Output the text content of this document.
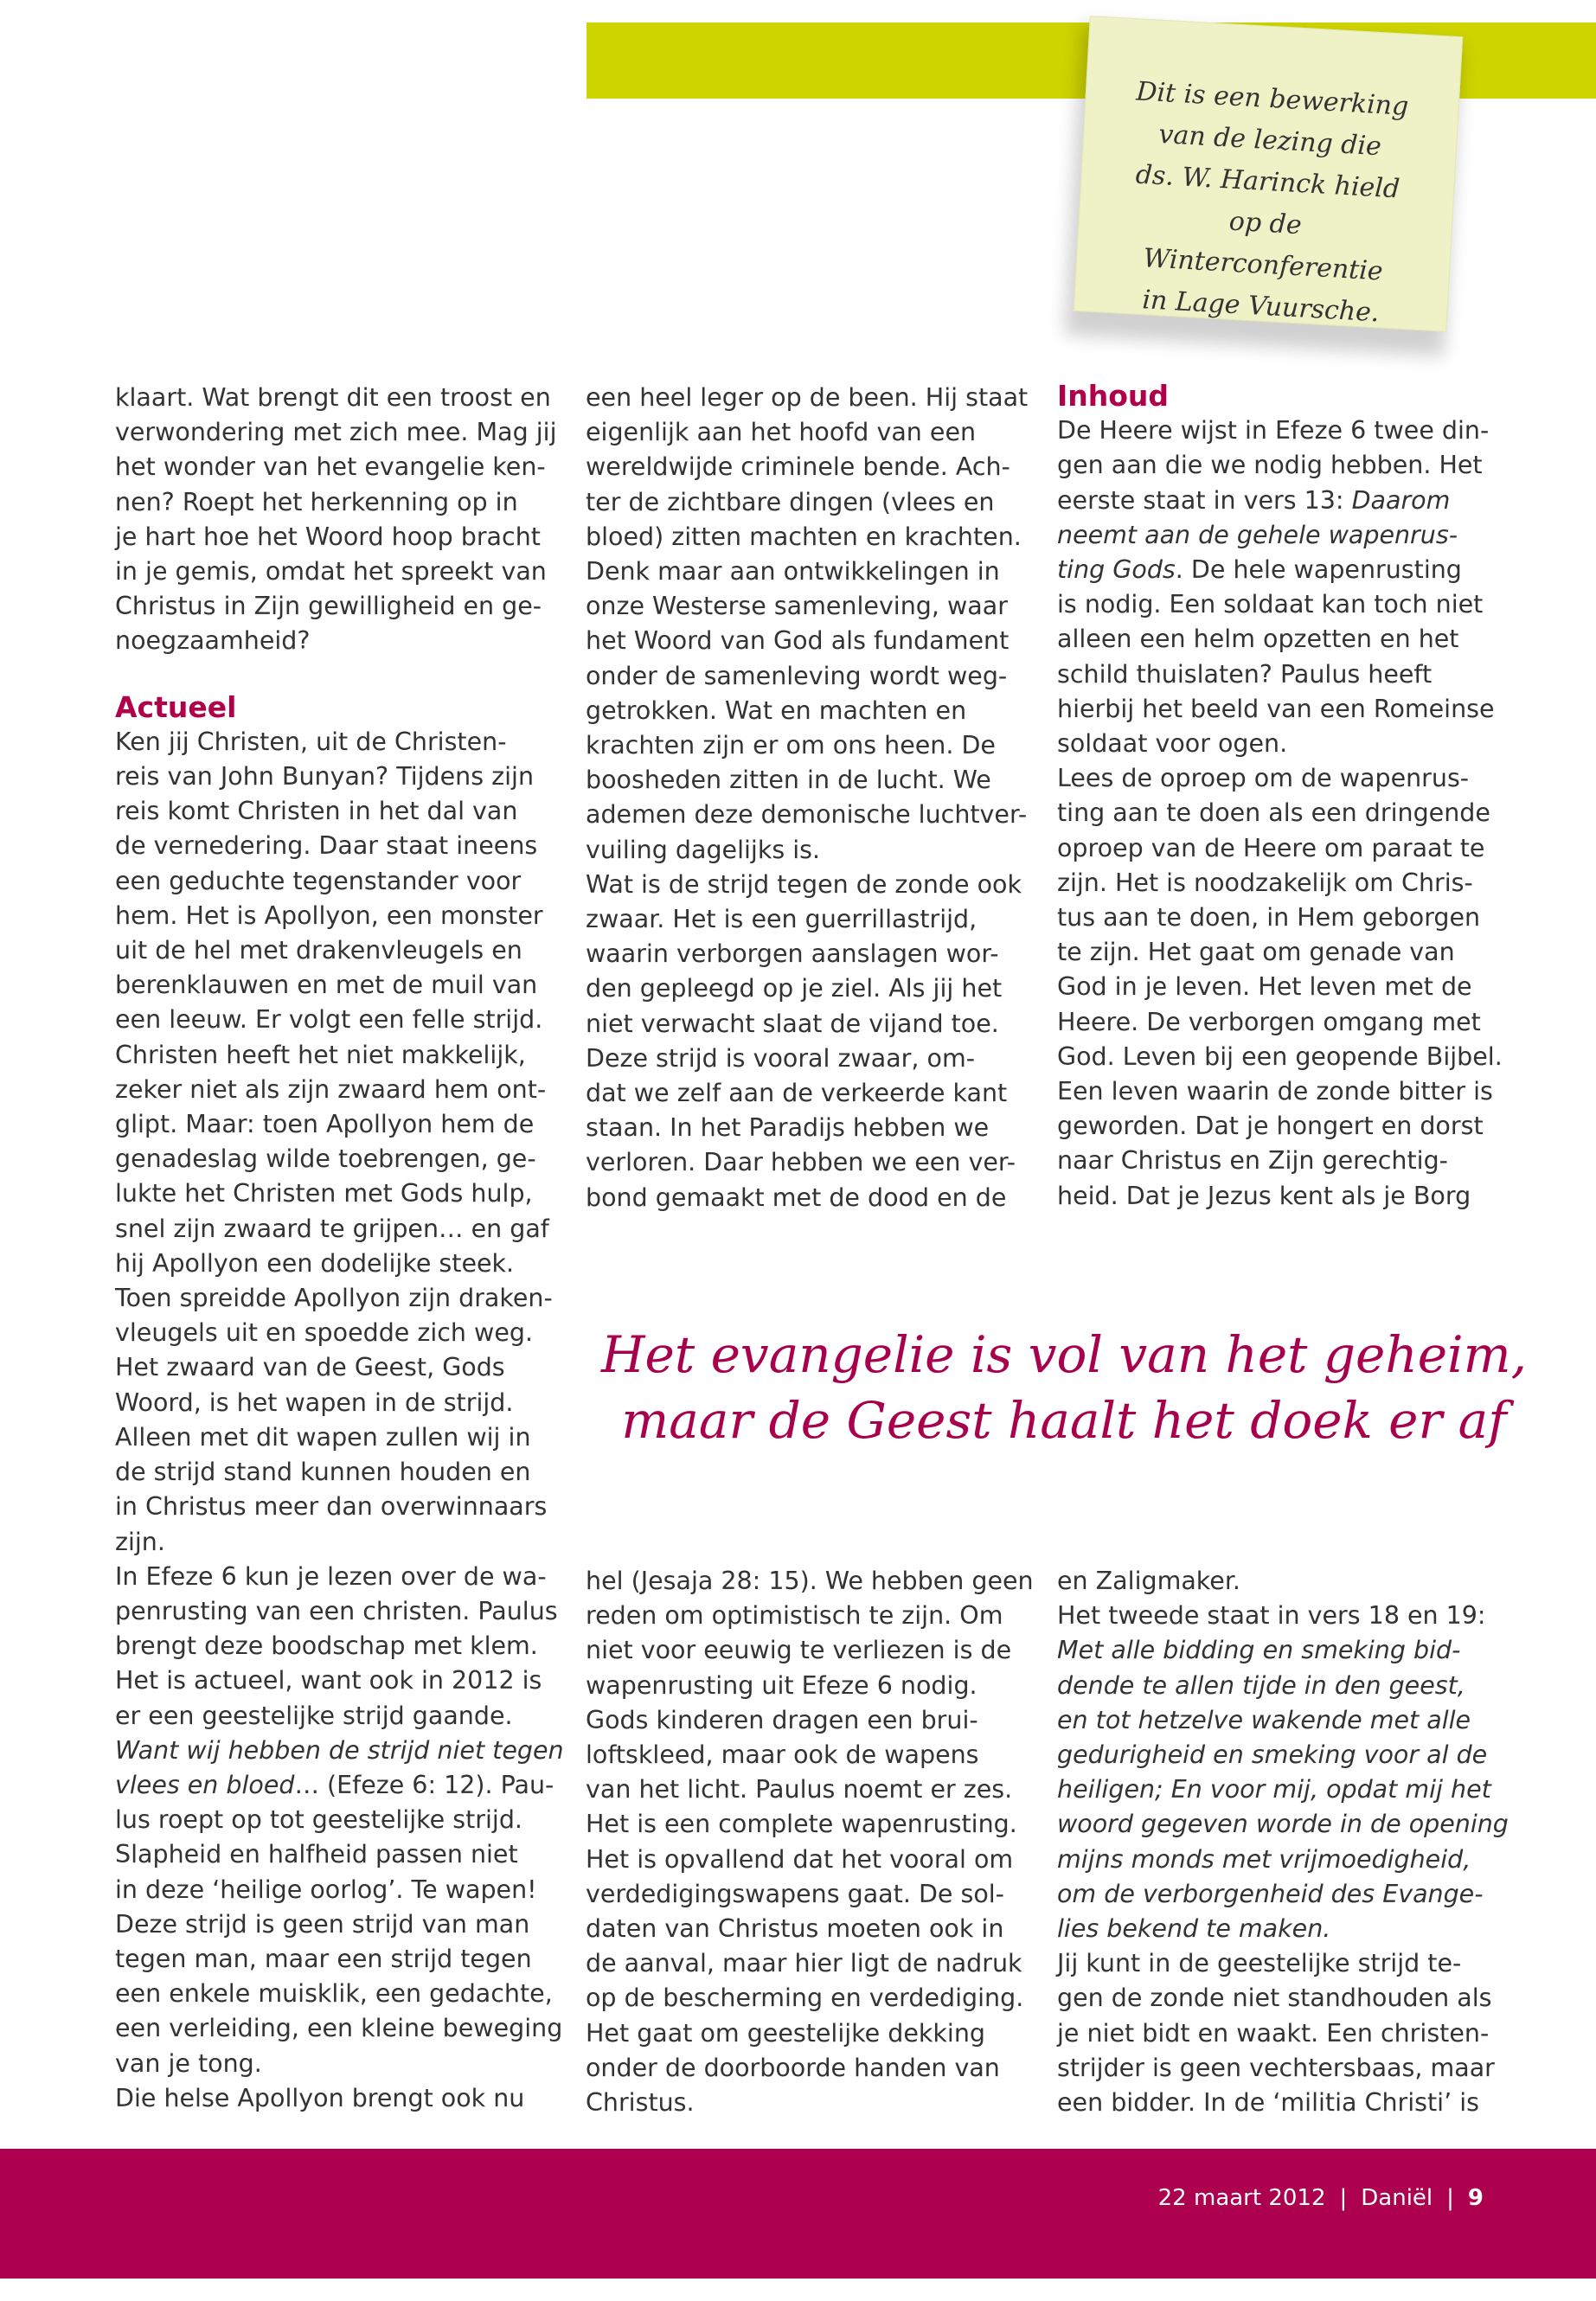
Dit is een bewerking
van de lezing die
ds. W. Harinck hield
op de Winterconferentie
in Lage Vuursche.

klaart. Wat brengt dit een troost en

verwondering met zich mee. Mag jij

het wonder van het evangelie ken-

nen? Roept het herkenning op in

je hart hoe het Woord hoop bracht

in je gemis, omdat het spreekt van

Christus in Zijn gewilligheid en ge-

noegzaamheid?

Actueel

Ken jij Christen, uit de Christen-

reis van John Bunyan? Tijdens zijn

reis komt Christen in het dal van

de vernedering. Daar staat ineens

een geduchte tegenstander voor

hem. Het is Apollyon, een monster

uit de hel met drakenvleugels en

berenklauwen en met de muil van

een leeuw. Er volgt een felle strijd.

Christen heeft het niet makkelijk,

zeker niet als zijn zwaard hem ont-

glipt. Maar: toen Apollyon hem de

genadeslag wilde toebrengen, ge-

lukte het Christen met Gods hulp,

snel zijn zwaard te grijpen… en gaf

hij Apollyon een dodelijke steek.

Toen spreidde Apollyon zijn draken-

vleugels uit en spoedde zich weg.

Het zwaard van de Geest, Gods

Woord, is het wapen in de strijd.

Alleen met dit wapen zullen wij in

de strijd stand kunnen houden en

in Christus meer dan overwinnaars

zijn.

In Efeze 6 kun je lezen over de wa-

penrusting van een christen. Paulus

brengt deze boodschap met klem.

Het is actueel, want ook in 2012 is

er een geestelijke strijd gaande.

Want wij hebben de strijd niet tegen

vlees en bloed… (Efeze 6: 12). Pau-

lus roept op tot geestelijke strijd.

Slapheid en halfheid passen niet

in deze ‘heilige oorlog’. Te wapen!

Deze strijd is geen strijd van man

tegen man, maar een strijd tegen

een enkele muisklik, een gedachte,

een verleiding, een kleine beweging

van je tong.

Die helse Apollyon brengt ook nu

een heel leger op de been. Hij staat

eigenlijk aan het hoofd van een

wereldwijde criminele bende. Ach-

ter de zichtbare dingen (vlees en

bloed) zitten machten en krachten.

Denk maar aan ontwikkelingen in

onze Westerse samenleving, waar

het Woord van God als fundament

onder de samenleving wordt weg-

getrokken. Wat en machten en

krachten zijn er om ons heen. De

boosheden zitten in de lucht. We

ademen deze demonische luchtver-

vuiling dagelijks is.

Wat is de strijd tegen de zonde ook

zwaar. Het is een guerrillastrijd,

waarin verborgen aanslagen wor-

den gepleegd op je ziel. Als jij het

niet verwacht slaat de vijand toe.

Deze strijd is vooral zwaar, om-

dat we zelf aan de verkeerde kant

staan. In het Paradijs hebben we

verloren. Daar hebben we een ver-

bond gemaakt met de dood en de

Inhoud

De Heere wijst in Efeze 6 twee din-

gen aan die we nodig hebben. Het

eerste staat in vers 13: Daarom

neemt aan de gehele wapenrus-

ting Gods. De hele wapenrusting

is nodig. Een soldaat kan toch niet

alleen een helm opzetten en het

schild thuislaten? Paulus heeft

hierbij het beeld van een Romeinse

soldaat voor ogen.

Lees de oproep om de wapenrus-

ting aan te doen als een dringende

oproep van de Heere om paraat te

zijn. Het is noodzakelijk om Chris-

tus aan te doen, in Hem geborgen

te zijn. Het gaat om genade van

God in je leven. Het leven met de

Heere. De verborgen omgang met

God. Leven bij een geopende Bijbel.

Een leven waarin de zonde bitter is

geworden. Dat je hongert en dorst

naar Christus en Zijn gerechtig-

heid. Dat je Jezus kent als je Borg

Het evangelie is vol van het geheim,

maar de Geest haalt het doek er af

hel (Jesaja 28: 15). We hebben geen

reden om optimistisch te zijn. Om

niet voor eeuwig te verliezen is de

wapenrusting uit Efeze 6 nodig.

Gods kinderen dragen een brui-

loftskleed, maar ook de wapens

van het licht. Paulus noemt er zes.

Het is een complete wapenrusting.

Het is opvallend dat het vooral om

verdedigingswapens gaat. De sol-

daten van Christus moeten ook in

de aanval, maar hier ligt de nadruk

op de bescherming en verdediging.

Het gaat om geestelijke dekking

onder de doorboorde handen van

Christus.

en Zaligmaker.

Het tweede staat in vers 18 en 19:

Met alle bidding en smeking bid-

dende te allen tijde in den geest,

en tot hetzelve wakende met alle

gedurigheid en smeking voor al de

heiligen; En voor mij, opdat mij het

woord gegeven worde in de opening

mijns monds met vrijmoedigheid,

om de verborgenheid des Evange-

lies bekend te maken.

Jij kunt in de geestelijke strijd te-

gen de zonde niet standhouden als

je niet bidt en waakt. Een christen-

strijder is geen vechtersbaas, maar

een bidder. In de ‘militia Christi’ is

22 maart 2012 | Daniël | 9
